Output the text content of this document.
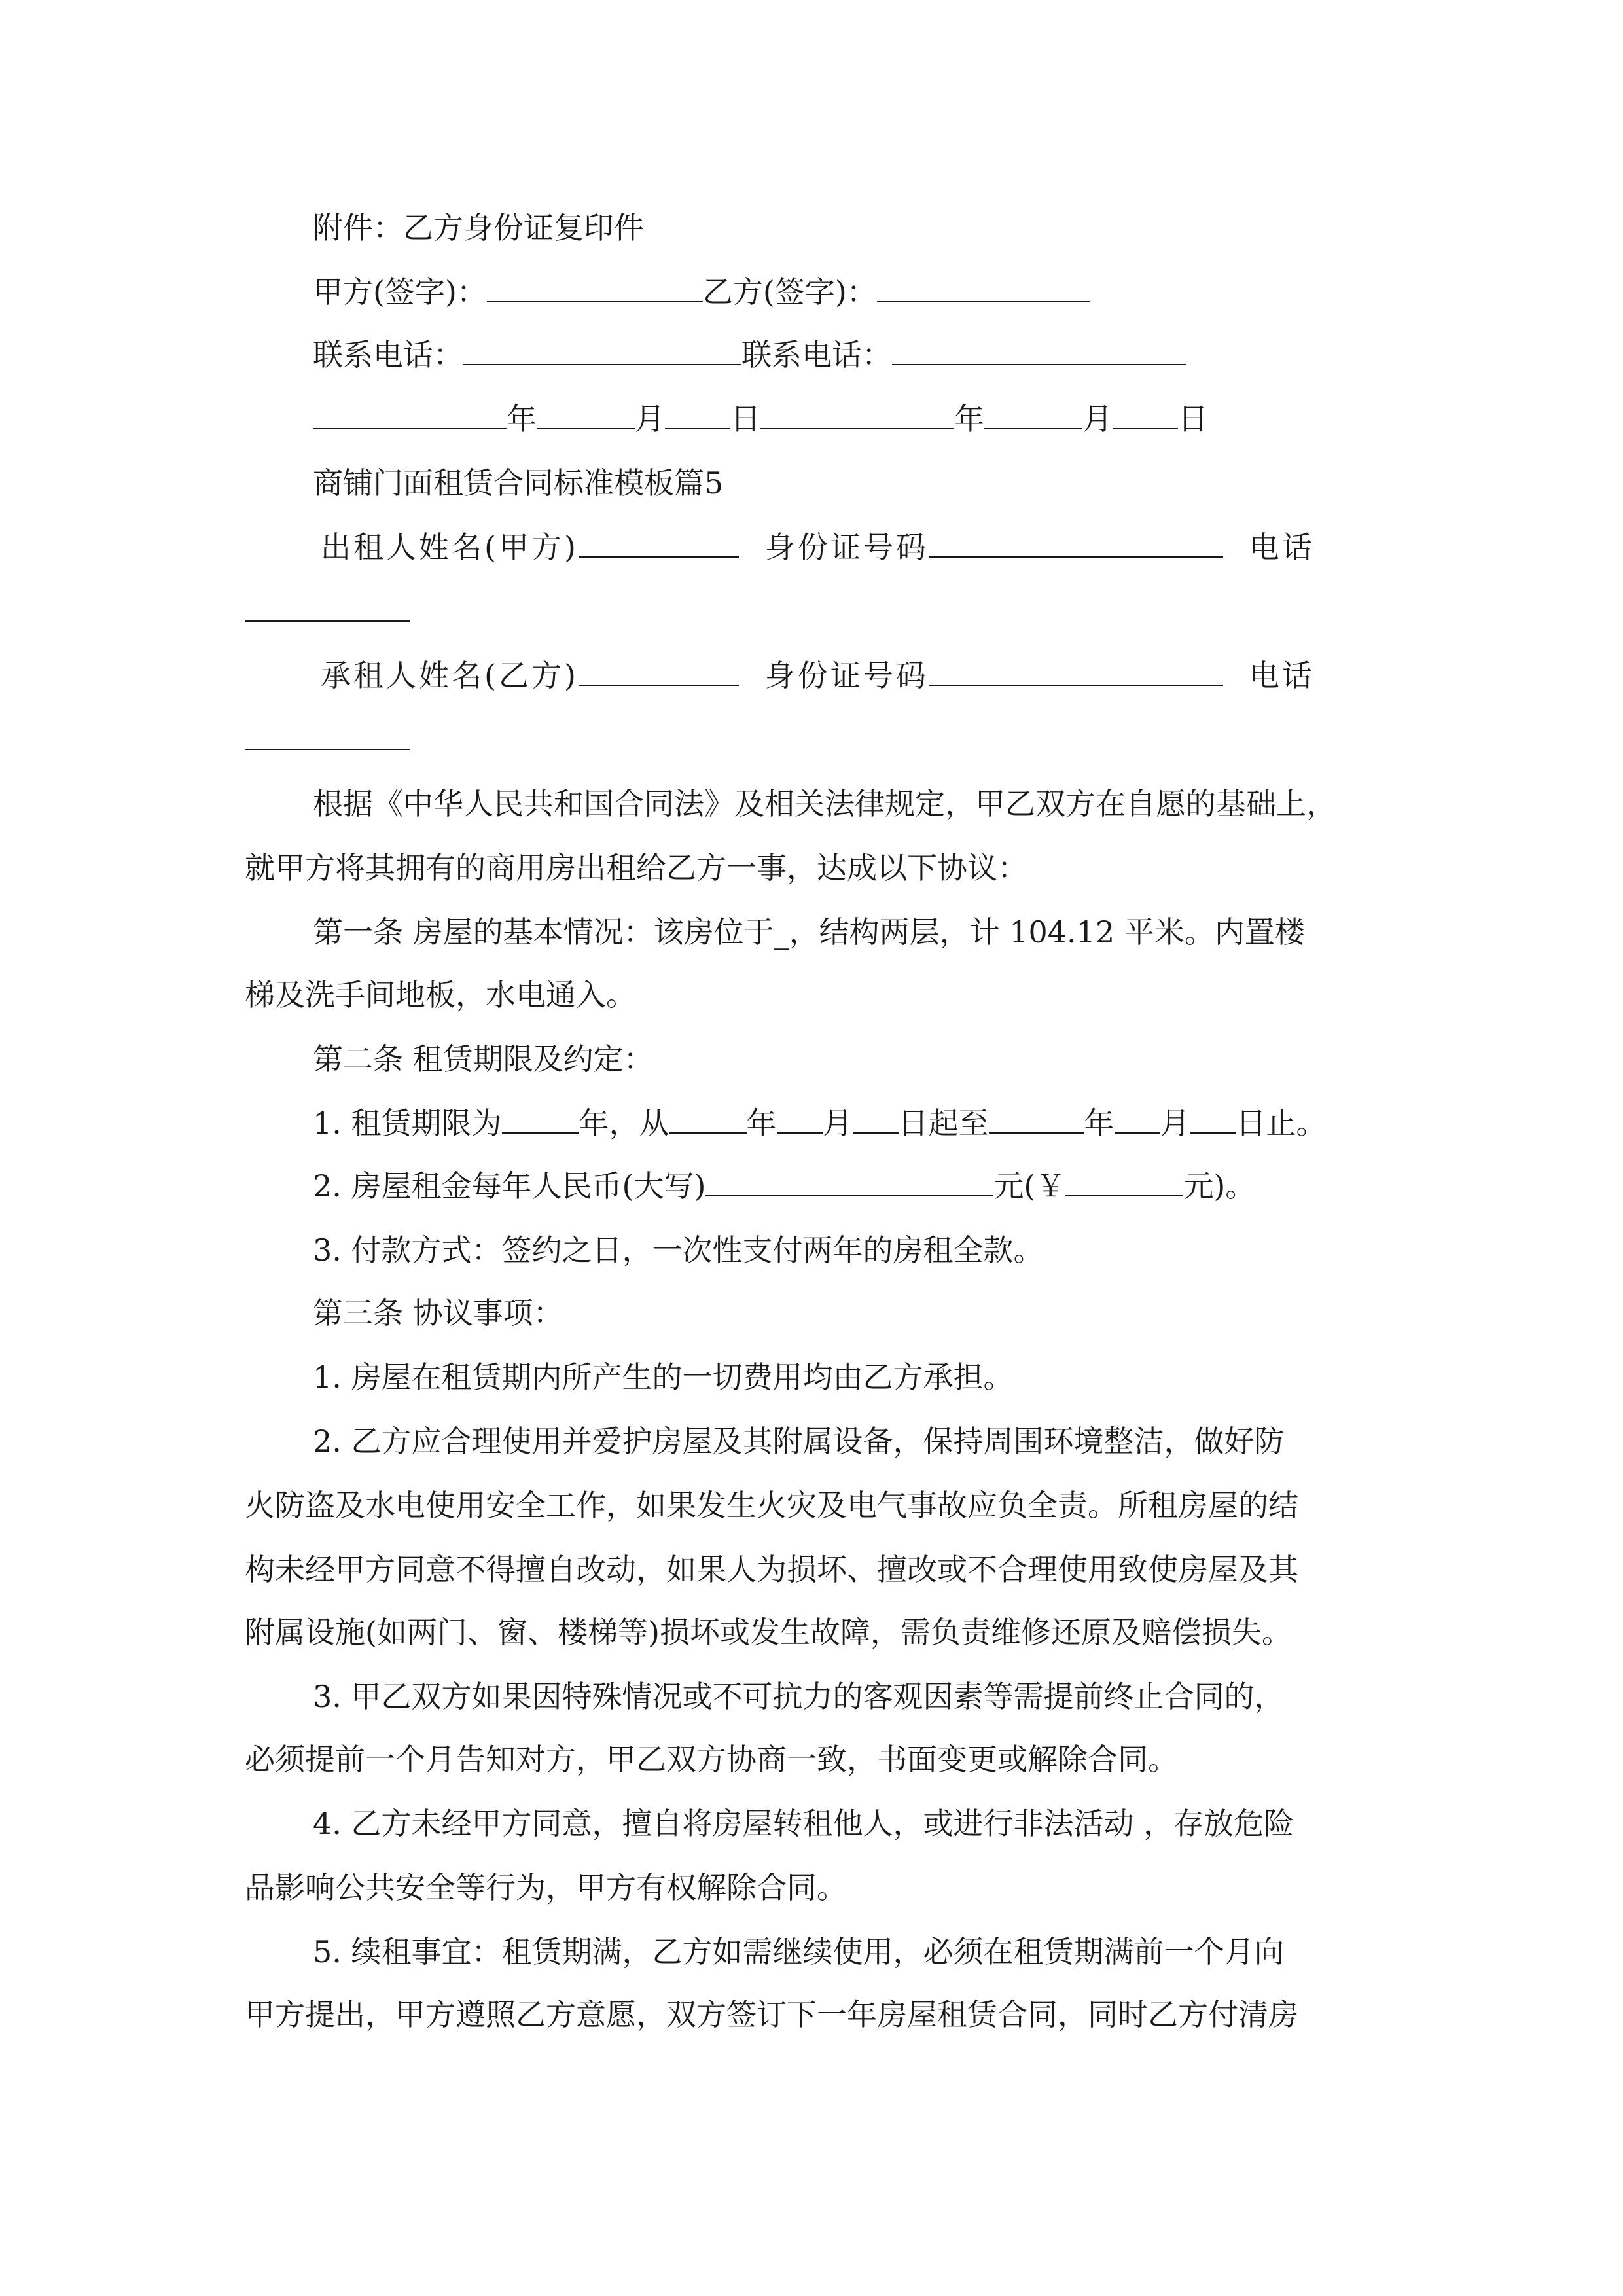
附件：乙方身份证复印件
甲方(签字)：	乙方(签字)：
联系电话：	联系电话：
年	月 日	年	月 日
商铺门面租赁合同标准模板篇5
出租人姓名(甲方)	身份证号码	电话
承租人姓名(乙方)	身份证号码	电话
根据《中华人民共和国合同法》及相关法律规定，甲乙双方在自愿的基础上，
就甲方将其拥有的商用房出租给乙方一事，达成以下协议：
第一条 房屋的基本情况：该房位于_，结构两层，计 104.12 平米。内置楼
梯及洗手间地板，水电通入。
第二条 租赁期限及约定：
1. 租赁期限为	年，从	年 月 日起至	年 月 日止。
2. 房屋租金每年人民币(大写)	元(￥	元)。
3. 付款方式：签约之日，一次性支付两年的房租全款。
第三条 协议事项：
1. 房屋在租赁期内所产生的一切费用均由乙方承担。
2. 乙方应合理使用并爱护房屋及其附属设备，保持周围环境整洁，做好防
火防盗及水电使用安全工作，如果发生火灾及电气事故应负全责。所租房屋的结
构未经甲方同意不得擅自改动，如果人为损坏、擅改或不合理使用致使房屋及其
附属设施(如两门、窗、楼梯等)损坏或发生故障，需负责维修还原及赔偿损失。
3. 甲乙双方如果因特殊情况或不可抗力的客观因素等需提前终止合同的，
必须提前一个月告知对方，甲乙双方协商一致，书面变更或解除合同。
4. 乙方未经甲方同意，擅自将房屋转租他人，或进行非法活动 ，存放危险
品影响公共安全等行为，甲方有权解除合同。
5. 续租事宜：租赁期满，乙方如需继续使用，必须在租赁期满前一个月向
甲方提出，甲方遵照乙方意愿，双方签订下一年房屋租赁合同，同时乙方付清房
